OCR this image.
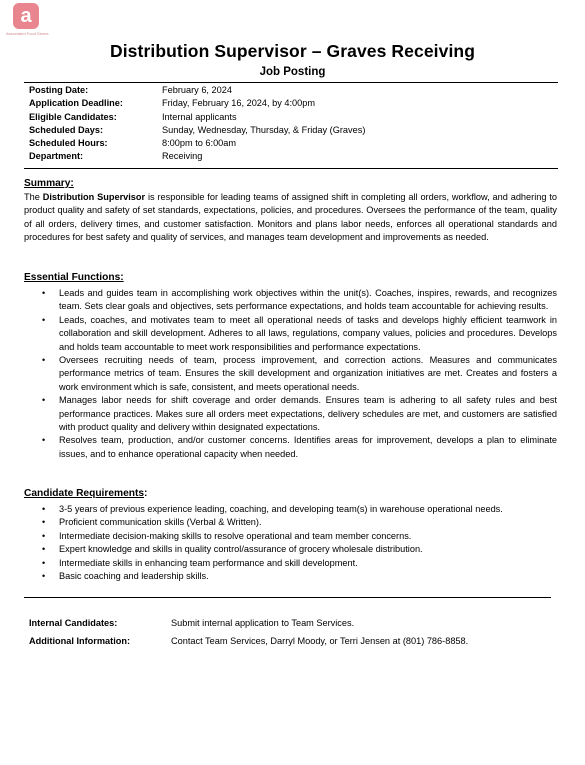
a
Associated Food Stores
Distribution Supervisor – Graves Receiving
Job Posting
Posting Date:	February 6, 2024
Application Deadline:	Friday, February 16, 2024, by 4:00pm
Eligible Candidates:	Internal applicants
Scheduled Days:	Sunday, Wednesday, Thursday, & Friday (Graves)
Scheduled Hours:	8:00pm to 6:00am
Department:	Receiving
Summary:
The Distribution Supervisor is responsible for leading teams of assigned shift in completing all orders, workflow, and adhering to product quality and safety of set standards, expectations, policies, and procedures. Oversees the performance of the team, quality of all orders, delivery times, and customer satisfaction. Monitors and plans labor needs, enforces all operational standards and procedures for best safety and quality of services, and manages team development and improvements as needed.
Essential Functions:
• Leads and guides team in accomplishing work objectives within the unit(s). Coaches, inspires, rewards, and recognizes team. Sets clear goals and objectives, sets performance expectations, and holds team accountable for achieving results.
• Leads, coaches, and motivates team to meet all operational needs of tasks and develops highly efficient teamwork in collaboration and skill development. Adheres to all laws, regulations, company values, policies and procedures. Develops and holds team accountable to meet work responsibilities and performance expectations.
• Oversees recruiting needs of team, process improvement, and correction actions. Measures and communicates performance metrics of team. Ensures the skill development and organization initiatives are met. Creates and fosters a work environment which is safe, consistent, and meets operational needs.
• Manages labor needs for shift coverage and order demands. Ensures team is adhering to all safety rules and best performance practices. Makes sure all orders meet expectations, delivery schedules are met, and customers are satisfied with product quality and delivery within designated expectations.
• Resolves team, production, and/or customer concerns. Identifies areas for improvement, develops a plan to eliminate issues, and to enhance operational capacity when needed.
Candidate Requirements:
• 3-5 years of previous experience leading, coaching, and developing team(s) in warehouse operational needs.
• Proficient communication skills (Verbal & Written).
• Intermediate decision-making skills to resolve operational and team member concerns.
• Expert knowledge and skills in quality control/assurance of grocery wholesale distribution.
• Intermediate skills in enhancing team performance and skill development.
• Basic coaching and leadership skills.
Internal Candidates:	Submit internal application to Team Services.
Additional Information:	Contact Team Services, Darryl Moody, or Terri Jensen at (801) 786-8858.
